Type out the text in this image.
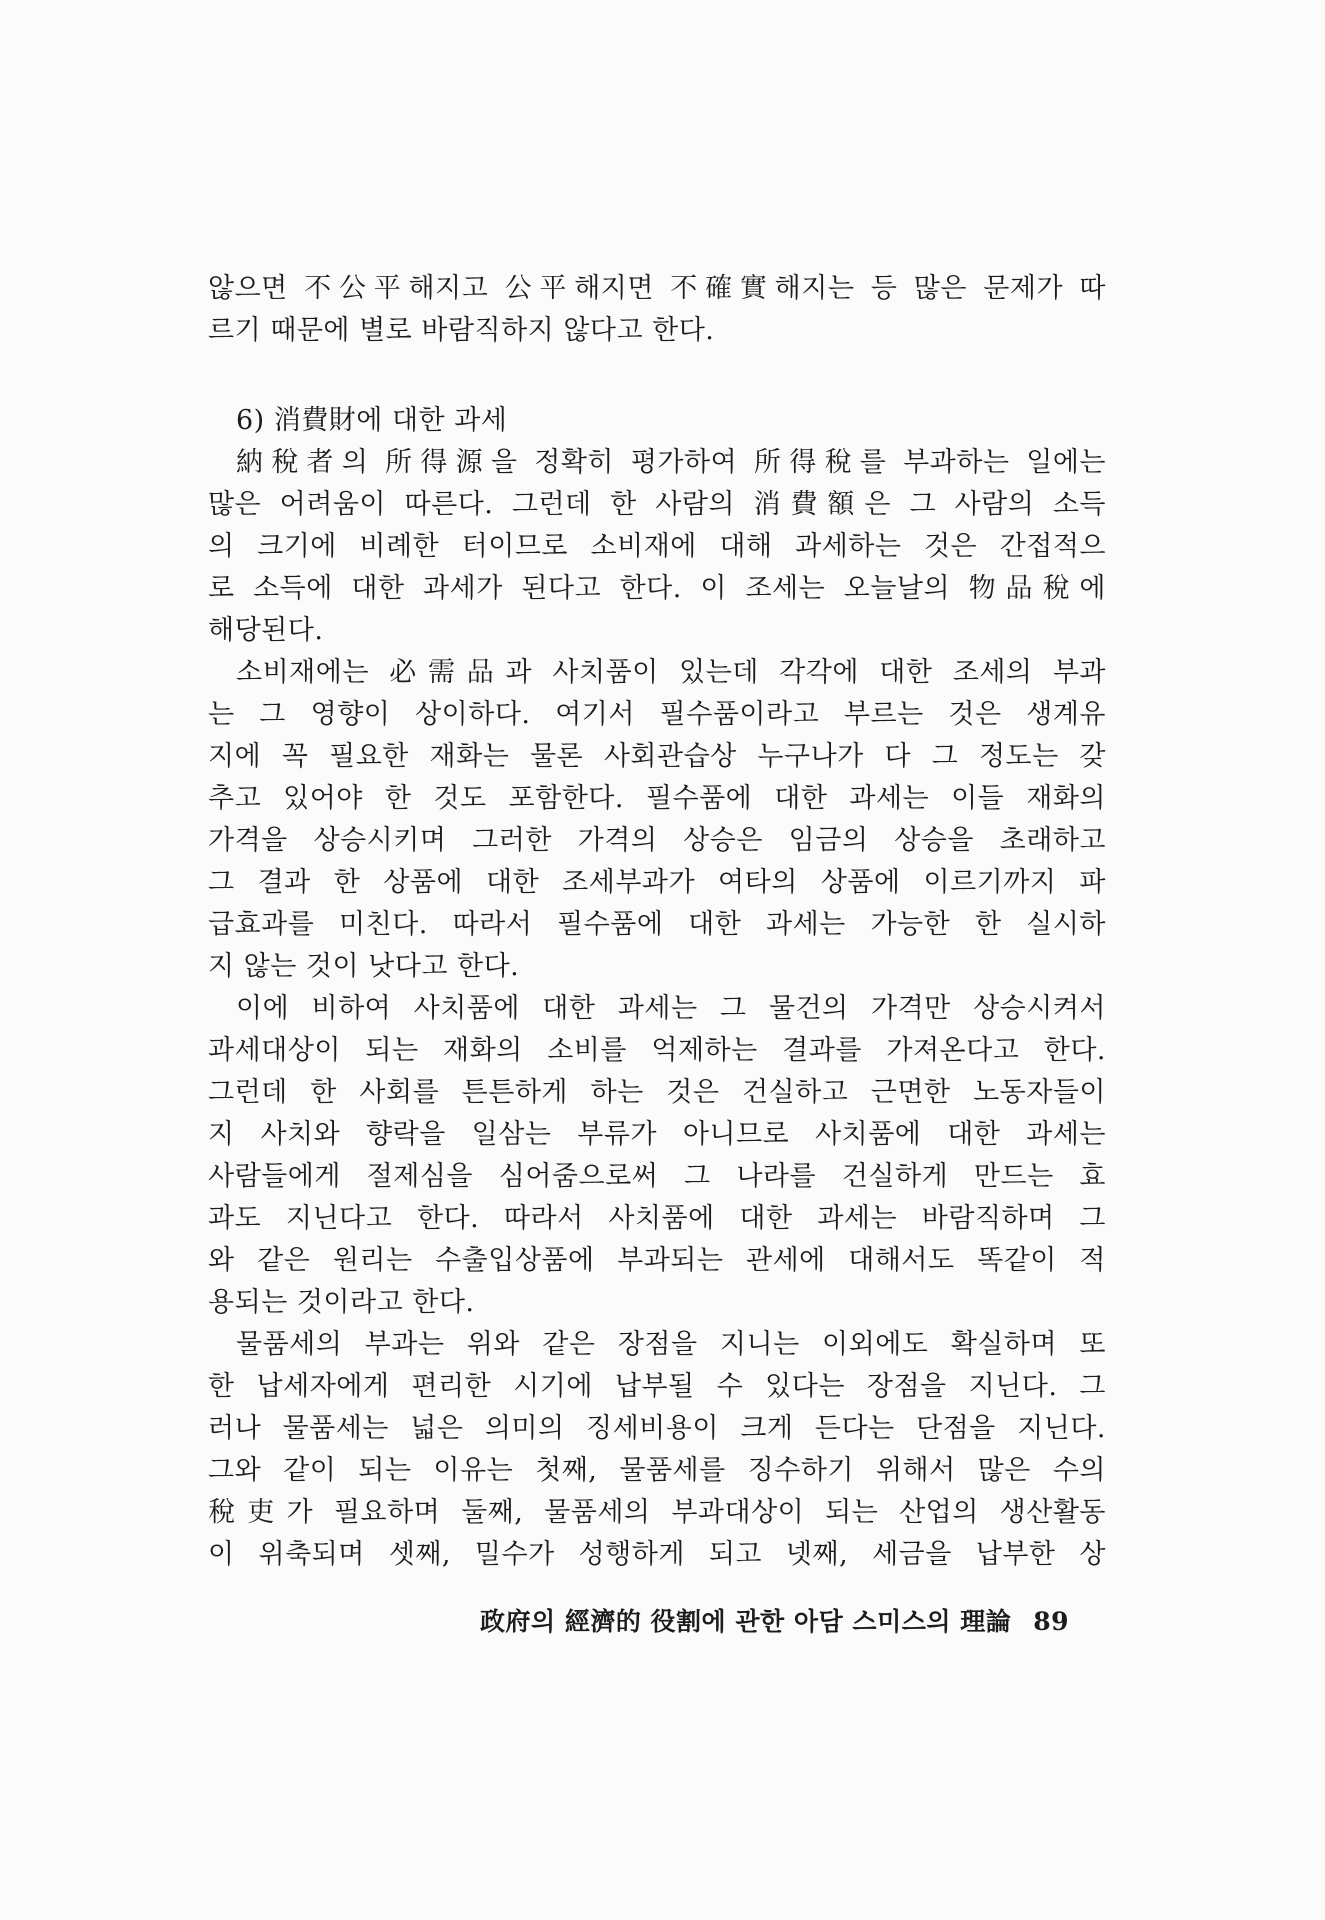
않으면 不公平해지고 公平해지면 不確實해지는 등 많은 문제가 따
르기 때문에 별로 바람직하지 않다고 한다.
6) 消費財에 대한 과세
納稅者의 所得源을 정확히 평가하여 所得稅를 부과하는 일에는
많은 어려움이 따른다. 그런데 한 사람의 消費額은 그 사람의 소득
의 크기에 비례한 터이므로 소비재에 대해 과세하는 것은 간접적으
로 소득에 대한 과세가 된다고 한다. 이 조세는 오늘날의 物品稅에
해당된다.
소비재에는 必需品과 사치품이 있는데 각각에 대한 조세의 부과
는 그 영향이 상이하다. 여기서 필수품이라고 부르는 것은 생계유
지에 꼭 필요한 재화는 물론 사회관습상 누구나가 다 그 정도는 갖
추고 있어야 한 것도 포함한다. 필수품에 대한 과세는 이들 재화의
가격을 상승시키며 그러한 가격의 상승은 임금의 상승을 초래하고
그 결과 한 상품에 대한 조세부과가 여타의 상품에 이르기까지 파
급효과를 미친다. 따라서 필수품에 대한 과세는 가능한 한 실시하
지 않는 것이 낫다고 한다.
이에 비하여 사치품에 대한 과세는 그 물건의 가격만 상승시켜서
과세대상이 되는 재화의 소비를 억제하는 결과를 가져온다고 한다.
그런데 한 사회를 튼튼하게 하는 것은 건실하고 근면한 노동자들이
지 사치와 향락을 일삼는 부류가 아니므로 사치품에 대한 과세는
사람들에게 절제심을 심어줌으로써 그 나라를 건실하게 만드는 효
과도 지닌다고 한다. 따라서 사치품에 대한 과세는 바람직하며 그
와 같은 원리는 수출입상품에 부과되는 관세에 대해서도 똑같이 적
용되는 것이라고 한다.
물품세의 부과는 위와 같은 장점을 지니는 이외에도 확실하며 또
한 납세자에게 편리한 시기에 납부될 수 있다는 장점을 지닌다. 그
러나 물품세는 넓은 의미의 징세비용이 크게 든다는 단점을 지닌다.
그와 같이 되는 이유는 첫째, 물품세를 징수하기 위해서 많은 수의
稅吏가 필요하며 둘째, 물품세의 부과대상이 되는 산업의 생산활동
이 위축되며 셋째, 밀수가 성행하게 되고 넷째, 세금을 납부한 상
政府의 經濟的 役割에 관한 아담 스미스의 理論 89
